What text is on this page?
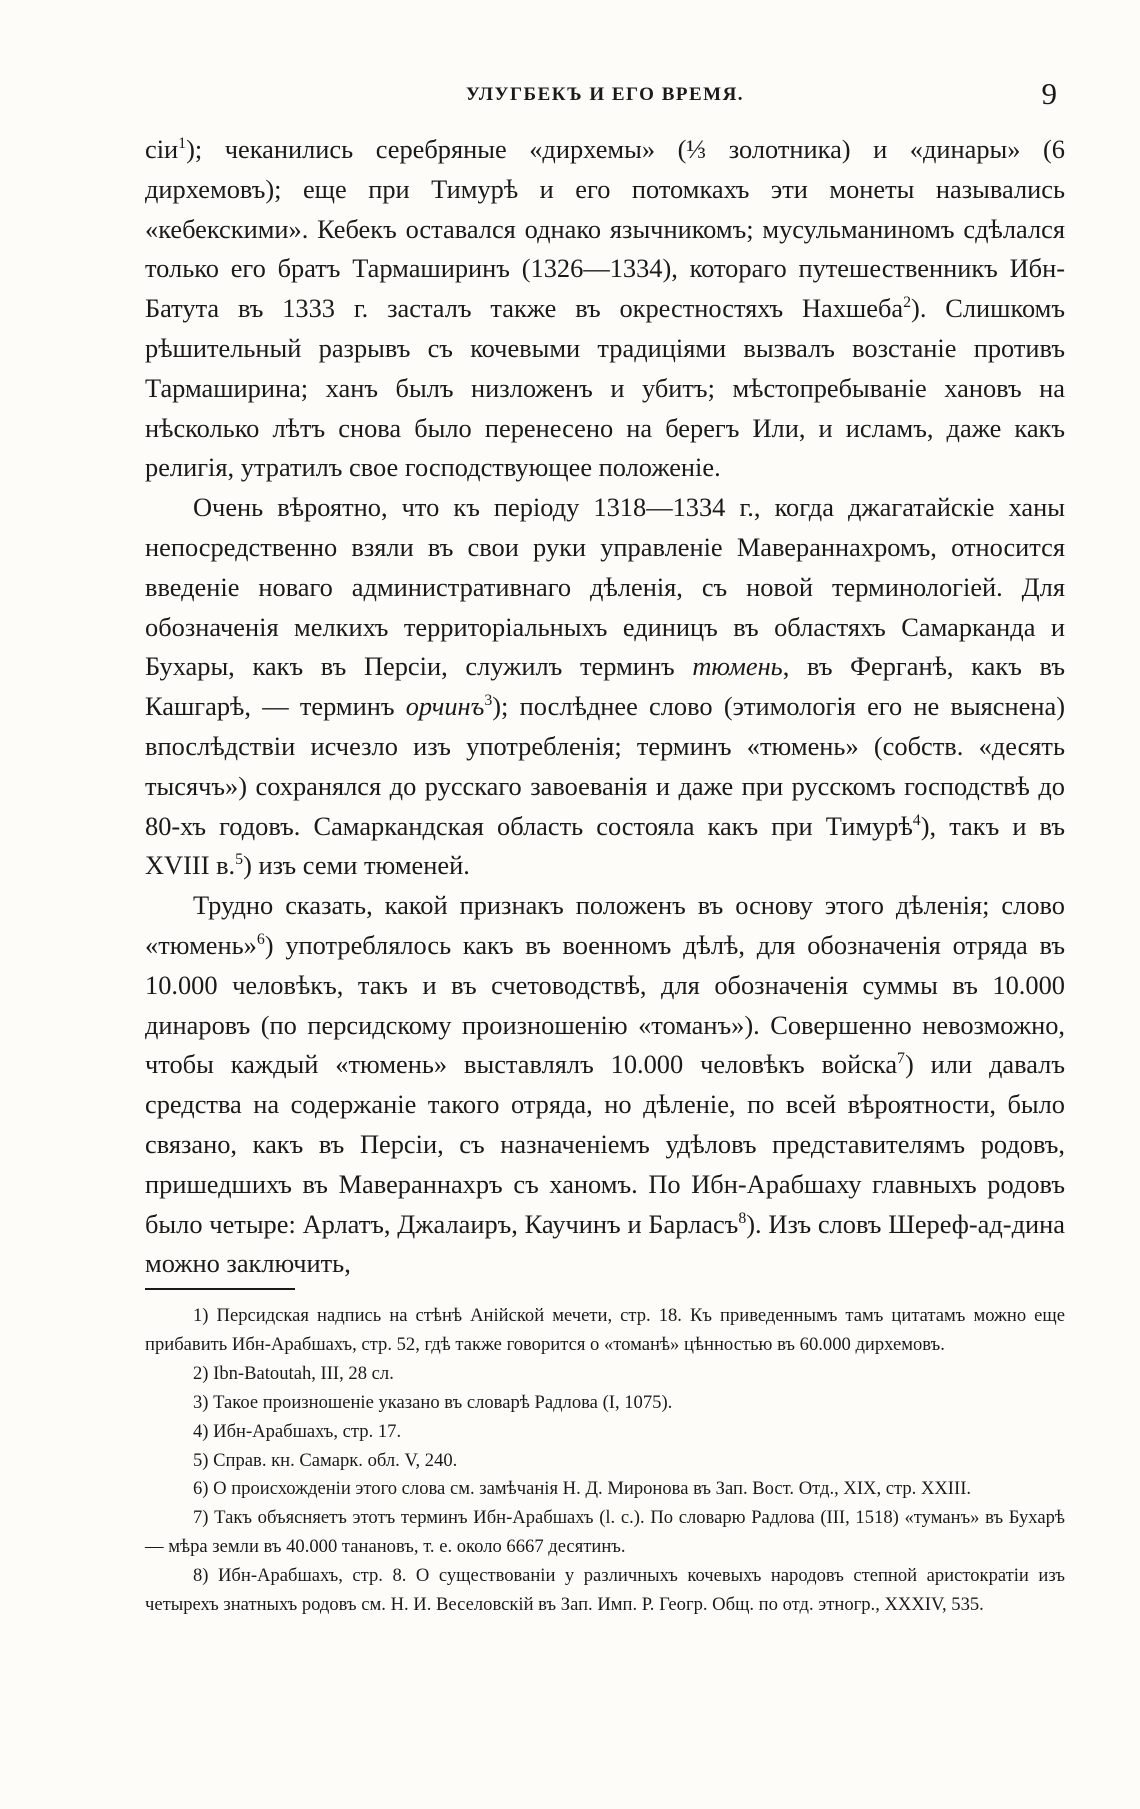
УЛУГБЕКЪ И ЕГО ВРЕМЯ.	9

сіи$^1$); чеканились серебряные «дирхемы» (⅓ золотника) и «динары» (6 дирхемовъ); еще при Тимурѣ и его потомкахъ эти монеты назывались «кебекскими». Кебекъ оставался однако язычникомъ; мусульманиномъ сдѣлался только его братъ Тармаширинъ (1326—1334), котораго путешественникъ Ибн-Батута въ 1333 г. засталъ также въ окрестностяхъ Нахшеба$^2$). Слишкомъ рѣшительный разрывъ съ кочевыми традиціями вызвалъ возстаніе противъ Тармаширина; ханъ былъ низложенъ и убитъ; мѣстопребываніе хановъ на нѣсколько лѣтъ снова было перенесено на берегъ Или, и исламъ, даже какъ религія, утратилъ свое господствующее положеніе.

Очень вѣроятно, что къ періоду 1318—1334 г., когда джагатайскіе ханы непосредственно взяли въ свои руки управленіе Мавераннахромъ, относится введеніе новаго административнаго дѣленія, съ новой терминологіей. Для обозначенія мелкихъ территоріальныхъ единицъ въ областяхъ Самарканда и Бухары, какъ въ Персіи, служилъ терминъ тюмень, въ Ферганѣ, какъ въ Кашгарѣ, — терминъ орчинъ$^3$); послѣднее слово (этимологія его не выяснена) впослѣдствіи исчезло изъ употребленія; терминъ «тюмень» (собств. «десять тысячъ») сохранялся до русскаго завоеванія и даже при русскомъ господствѣ до 80-хъ годовъ. Самаркандская область состояла какъ при Тимурѣ$^4$), такъ и въ XVIII в.$^5$) изъ семи тюменей.

Трудно сказать, какой признакъ положенъ въ основу этого дѣленія; слово «тюмень»$^6$) употреблялось какъ въ военномъ дѣлѣ, для обозначенія отряда въ 10.000 человѣкъ, такъ и въ счетоводствѣ, для обозначенія суммы въ 10.000 динаровъ (по персидскому произношенію «томанъ»). Совершенно невозможно, чтобы каждый «тюмень» выставлялъ 10.000 человѣкъ войска$^7$) или давалъ средства на содержаніе такого отряда, но дѣленіе, по всей вѣроятности, было связано, какъ въ Персіи, съ назначеніемъ удѣловъ представителямъ родовъ, пришедшихъ въ Мавераннахръ съ ханомъ. По Ибн-Арабшаху главныхъ родовъ было четыре: Арлатъ, Джалаиръ, Каучинъ и Барласъ$^8$). Изъ словъ Шереф-ад-дина можно заключить,

1) Персидская надпись на стѣнѣ Анійской мечети, стр. 18. Къ приведеннымъ тамъ цитатамъ можно еще прибавить Ибн-Арабшахъ, стр. 52, гдѣ также говорится о «томанѣ» цѣнностью въ 60.000 дирхемовъ.

2) Ibn-Batoutah, III, 28 сл.

3) Такое произношеніе указано въ словарѣ Радлова (I, 1075).

4) Ибн-Арабшахъ, стр. 17.

5) Справ. кн. Самарк. обл. V, 240.

6) О происхожденіи этого слова см. замѣчанія Н. Д. Миронова въ Зап. Вост. Отд., XIX, стр. XXIII.

7) Такъ объясняетъ этотъ терминъ Ибн-Арабшахъ (l. с.). По словарю Радлова (III, 1518) «туманъ» въ Бухарѣ — мѣра земли въ 40.000 танановъ, т. е. около 6667 десятинъ.

8) Ибн-Арабшахъ, стр. 8. О существованіи у различныхъ кочевыхъ народовъ степной аристократіи изъ четырехъ знатныхъ родовъ см. Н. И. Веселовскій въ Зап. Имп. Р. Геогр. Общ. по отд. этногр., XXXIV, 535.
